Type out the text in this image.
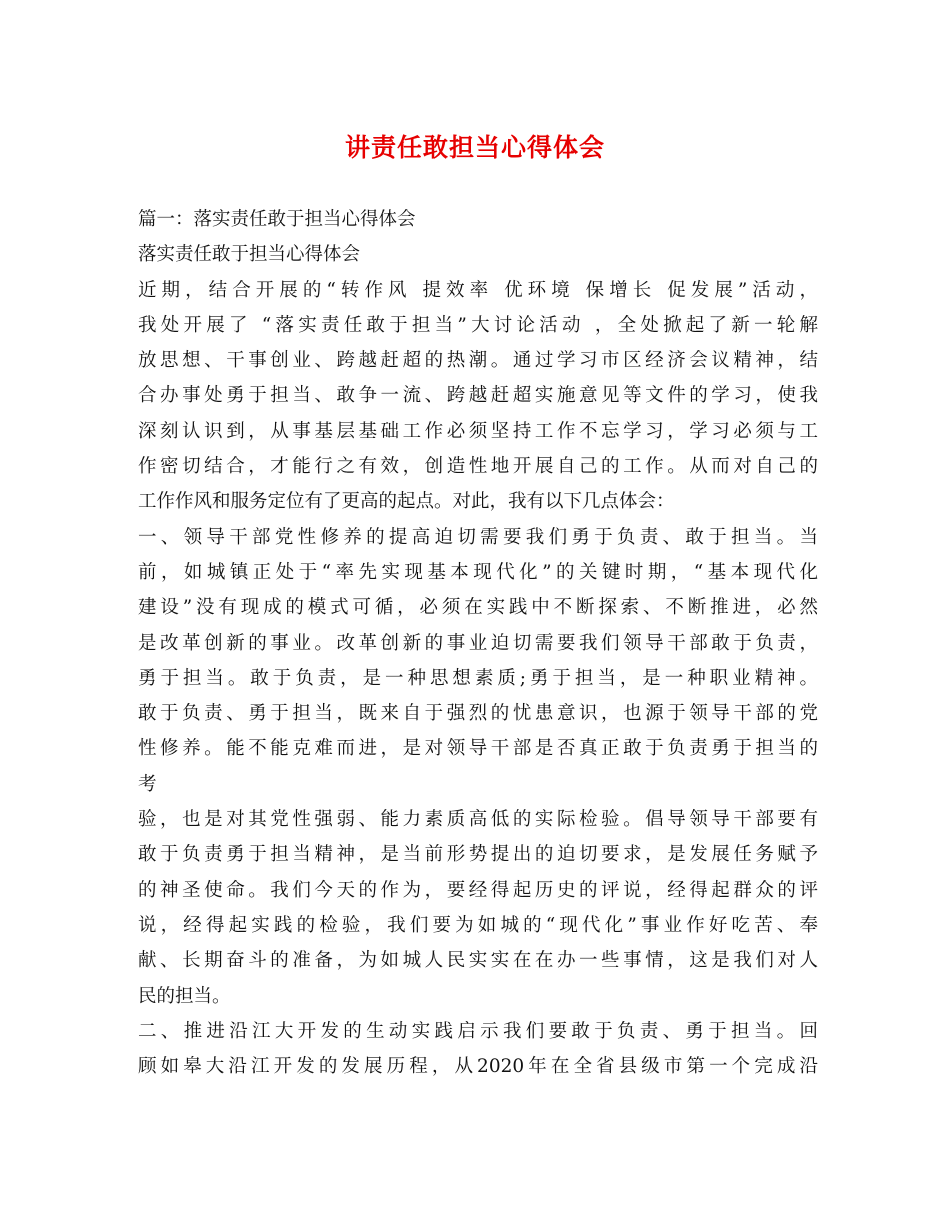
讲责任敢担当心得体会
篇一：落实责任敢于担当心得体会
落实责任敢于担当心得体会
近期，结合开展的“转作风 提效率 优环境 保增长 促发展”活动，
我处开展了 “落实责任敢于担当”大讨论活动 ，全处掀起了新一轮解
放思想、干事创业、跨越赶超的热潮。通过学习市区经济会议精神，结
合办事处勇于担当、敢争一流、跨越赶超实施意见等文件的学习，使我
深刻认识到，从事基层基础工作必须坚持工作不忘学习，学习必须与工
作密切结合，才能行之有效，创造性地开展自己的工作。从而对自己的
工作作风和服务定位有了更高的起点。对此，我有以下几点体会：
一、领导干部党性修养的提高迫切需要我们勇于负责、敢于担当。当
前，如城镇正处于“率先实现基本现代化”的关键时期，“基本现代化
建设”没有现成的模式可循，必须在实践中不断探索、不断推进，必然
是改革创新的事业。改革创新的事业迫切需要我们领导干部敢于负责，
勇于担当。敢于负责，是一种思想素质;勇于担当，是一种职业精神。
敢于负责、勇于担当，既来自于强烈的忧患意识，也源于领导干部的党
性修养。能不能克难而进，是对领导干部是否真正敢于负责勇于担当的
考
验，也是对其党性强弱、能力素质高低的实际检验。倡导领导干部要有
敢于负责勇于担当精神，是当前形势提出的迫切要求，是发展任务赋予
的神圣使命。我们今天的作为，要经得起历史的评说，经得起群众的评
说，经得起实践的检验，我们要为如城的“现代化”事业作好吃苦、奉
献、长期奋斗的准备，为如城人民实实在在办一些事情，这是我们对人
民的担当。
二、推进沿江大开发的生动实践启示我们要敢于负责、勇于担当。回
顾如皋大沿江开发的发展历程，从2020年在全省县级市第一个完成沿
